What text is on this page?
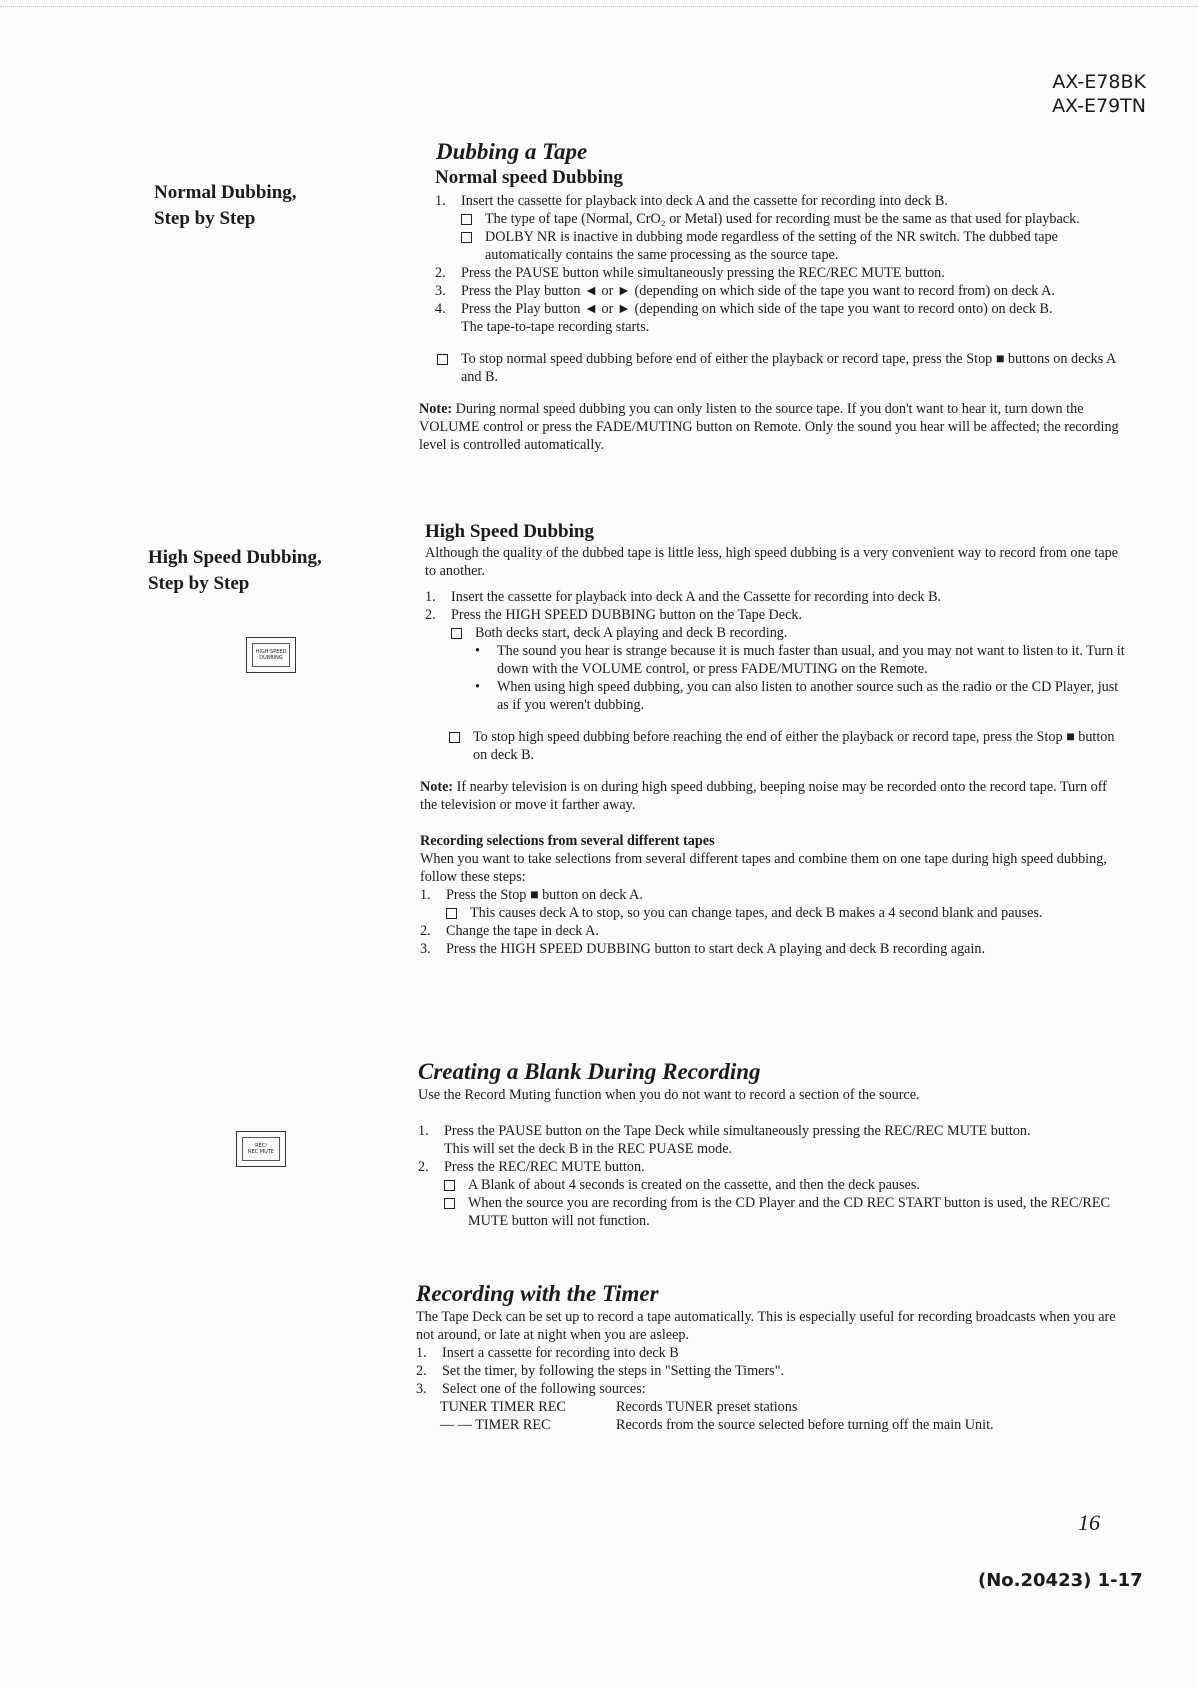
AX-E78BK
AX-E79TN
Normal Dubbing,
Step by Step
High Speed Dubbing,
Step by Step
HIGH SPEED
DUBBING
REC/
REC MUTE
Dubbing a Tape
Normal speed Dubbing
1.	Insert the cassette for playback into deck A and the cassette for recording into deck B.
The type of tape (Normal, CrO₂ or Metal) used for recording must be the same as that used for playback.
DOLBY NR is inactive in dubbing mode regardless of the setting of the NR switch. The dubbed tape automatically contains the same processing as the source tape.
2.	Press the PAUSE button while simultaneously pressing the REC/REC MUTE button.
3.	Press the Play button ◄ or ► (depending on which side of the tape you want to record from) on deck A.
4.	Press the Play button ◄ or ► (depending on which side of the tape you want to record onto) on deck B.
The tape-to-tape recording starts.
To stop normal speed dubbing before end of either the playback or record tape, press the Stop ■ buttons on decks A and B.
Note: During normal speed dubbing you can only listen to the source tape. If you don't want to hear it, turn down the VOLUME control or press the FADE/MUTING button on Remote. Only the sound you hear will be affected; the recording level is controlled automatically.
High Speed Dubbing
Although the quality of the dubbed tape is little less, high speed dubbing is a very convenient way to record from one tape to another.
1.	Insert the cassette for playback into deck A and the Cassette for recording into deck B.
2.	Press the HIGH SPEED DUBBING button on the Tape Deck.
Both decks start, deck A playing and deck B recording.
• The sound you hear is strange because it is much faster than usual, and you may not want to listen to it. Turn it down with the VOLUME control, or press FADE/MUTING on the Remote.
• When using high speed dubbing, you can also listen to another source such as the radio or the CD Player, just as if you weren't dubbing.
To stop high speed dubbing before reaching the end of either the playback or record tape, press the Stop ■ button on deck B.
Note: If nearby television is on during high speed dubbing, beeping noise may be recorded onto the record tape. Turn off the television or move it farther away.
Recording selections from several different tapes
When you want to take selections from several different tapes and combine them on one tape during high speed dubbing, follow these steps:
1.	Press the Stop ■ button on deck A.
This causes deck A to stop, so you can change tapes, and deck B makes a 4 second blank and pauses.
2.	Change the tape in deck A.
3.	Press the HIGH SPEED DUBBING button to start deck A playing and deck B recording again.
Creating a Blank During Recording
Use the Record Muting function when you do not want to record a section of the source.
1.	Press the PAUSE button on the Tape Deck while simultaneously pressing the REC/REC MUTE button.
This will set the deck B in the REC PUASE mode.
2.	Press the REC/REC MUTE button.
A Blank of about 4 seconds is created on the cassette, and then the deck pauses.
When the source you are recording from is the CD Player and the CD REC START button is used, the REC/REC MUTE button will not function.
Recording with the Timer
The Tape Deck can be set up to record a tape automatically. This is especially useful for recording broadcasts when you are not around, or late at night when you are asleep.
1.	Insert a cassette for recording into deck B
2.	Set the timer, by following the steps in "Setting the Timers".
3.	Select one of the following sources:
TUNER TIMER REC	Records TUNER preset stations
— — TIMER REC	Records from the source selected before turning off the main Unit.
16
(No.20423) 1-17
